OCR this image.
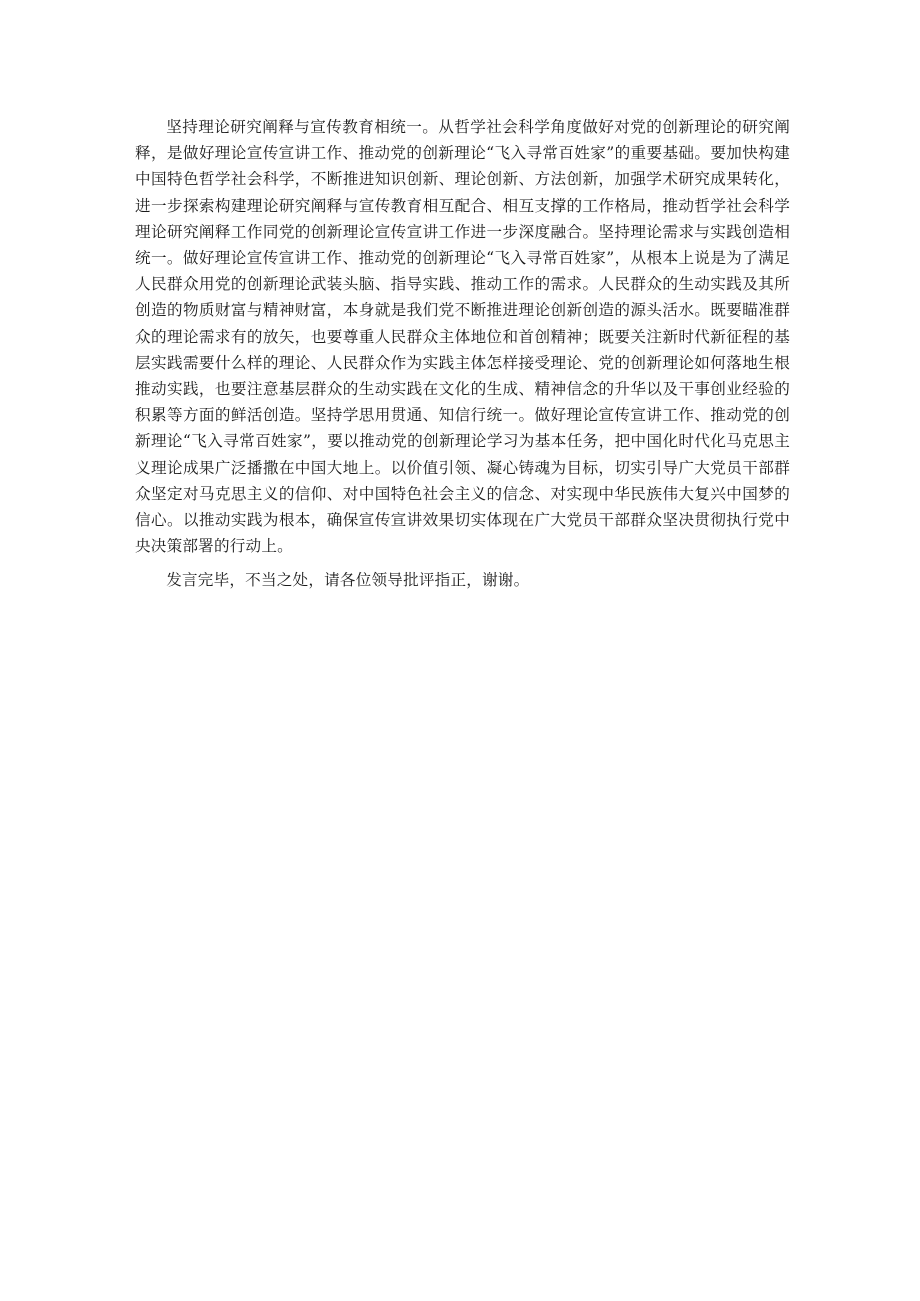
坚持理论研究阐释与宣传教育相统一。从哲学社会科学角度做好对党的创新理论的研究阐释，是做好理论宣传宣讲工作、推动党的创新理论“飞入寻常百姓家”的重要基础。要加快构建中国特色哲学社会科学，不断推进知识创新、理论创新、方法创新，加强学术研究成果转化，进一步探索构建理论研究阐释与宣传教育相互配合、相互支撑的工作格局，推动哲学社会科学理论研究阐释工作同党的创新理论宣传宣讲工作进一步深度融合。坚持理论需求与实践创造相统一。做好理论宣传宣讲工作、推动党的创新理论“飞入寻常百姓家”，从根本上说是为了满足人民群众用党的创新理论武装头脑、指导实践、推动工作的需求。人民群众的生动实践及其所创造的物质财富与精神财富，本身就是我们党不断推进理论创新创造的源头活水。既要瞄准群众的理论需求有的放矢，也要尊重人民群众主体地位和首创精神；既要关注新时代新征程的基层实践需要什么样的理论、人民群众作为实践主体怎样接受理论、党的创新理论如何落地生根推动实践，也要注意基层群众的生动实践在文化的生成、精神信念的升华以及干事创业经验的积累等方面的鲜活创造。坚持学思用贯通、知信行统一。做好理论宣传宣讲工作、推动党的创新理论“飞入寻常百姓家”，要以推动党的创新理论学习为基本任务，把中国化时代化马克思主义理论成果广泛播撒在中国大地上。以价值引领、凝心铸魂为目标，切实引导广大党员干部群众坚定对马克思主义的信仰、对中国特色社会主义的信念、对实现中华民族伟大复兴中国梦的信心。以推动实践为根本，确保宣传宣讲效果切实体现在广大党员干部群众坚决贯彻执行党中央决策部署的行动上。

发言完毕，不当之处，请各位领导批评指正，谢谢。
